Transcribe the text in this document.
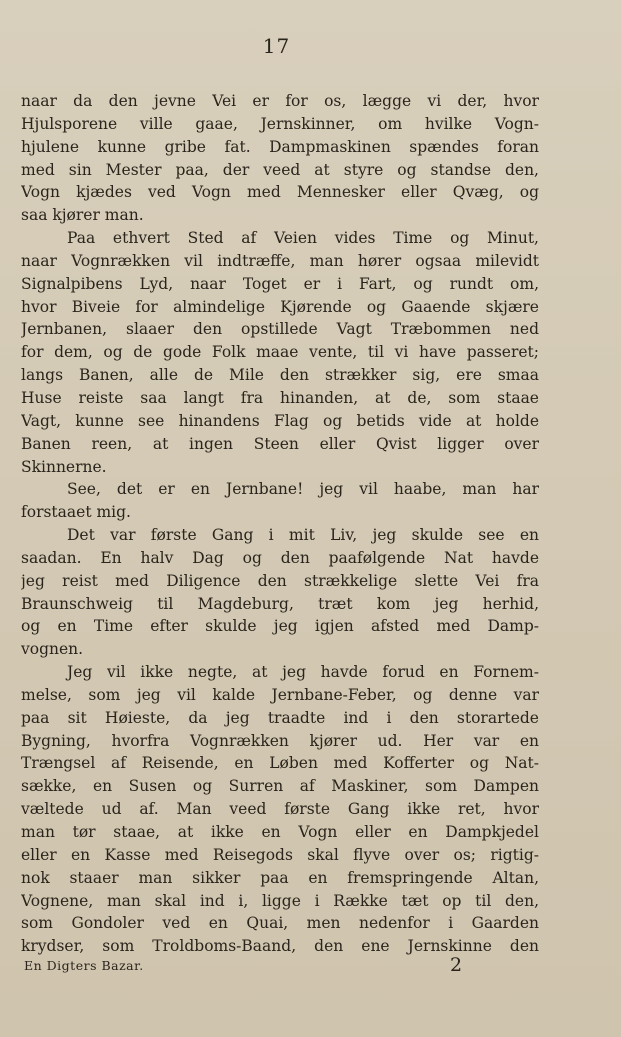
17
naar da den jevne Vei er for os, lægge vi der, hvor
Hjulsporene ville gaae, Jernskinner, om hvilke Vogn-
hjulene kunne gribe fat. Dampmaskinen spændes foran
med sin Mester paa, der veed at styre og standse den,
Vogn kjædes ved Vogn med Mennesker eller Qvæg, og
saa kjører man.
Paa ethvert Sted af Veien vides Time og Minut,
naar Vognrækken vil indtræffe, man hører ogsaa milevidt
Signalpibens Lyd, naar Toget er i Fart, og rundt om,
hvor Biveie for almindelige Kjørende og Gaaende skjære
Jernbanen, slaaer den opstillede Vagt Træbommen ned
for dem, og de gode Folk maae vente, til vi have passeret;
langs Banen, alle de Mile den strækker sig, ere smaa
Huse reiste saa langt fra hinanden, at de, som staae
Vagt, kunne see hinandens Flag og betids vide at holde
Banen reen, at ingen Steen eller Qvist ligger over
Skinnerne.
See, det er en Jernbane! jeg vil haabe, man har
forstaaet mig.
Det var første Gang i mit Liv, jeg skulde see en
saadan. En halv Dag og den paafølgende Nat havde
jeg reist med Diligence den strækkelige slette Vei fra
Braunschweig til Magdeburg, træt kom jeg herhid,
og en Time efter skulde jeg igjen afsted med Damp-
vognen.
Jeg vil ikke negte, at jeg havde forud en Fornem-
melse, som jeg vil kalde Jernbane-Feber, og denne var
paa sit Høieste, da jeg traadte ind i den storartede
Bygning, hvorfra Vognrækken kjører ud. Her var en
Trængsel af Reisende, en Løben med Kofferter og Nat-
sække, en Susen og Surren af Maskiner, som Dampen
væltede ud af. Man veed første Gang ikke ret, hvor
man tør staae, at ikke en Vogn eller en Dampkjedel
eller en Kasse med Reisegods skal flyve over os; rigtig-
nok staaer man sikker paa en fremspringende Altan,
Vognene, man skal ind i, ligge i Række tæt op til den,
som Gondoler ved en Quai, men nedenfor i Gaarden
krydser, som Troldboms-Baand, den ene Jernskinne den
En Digters Bazar.	2
